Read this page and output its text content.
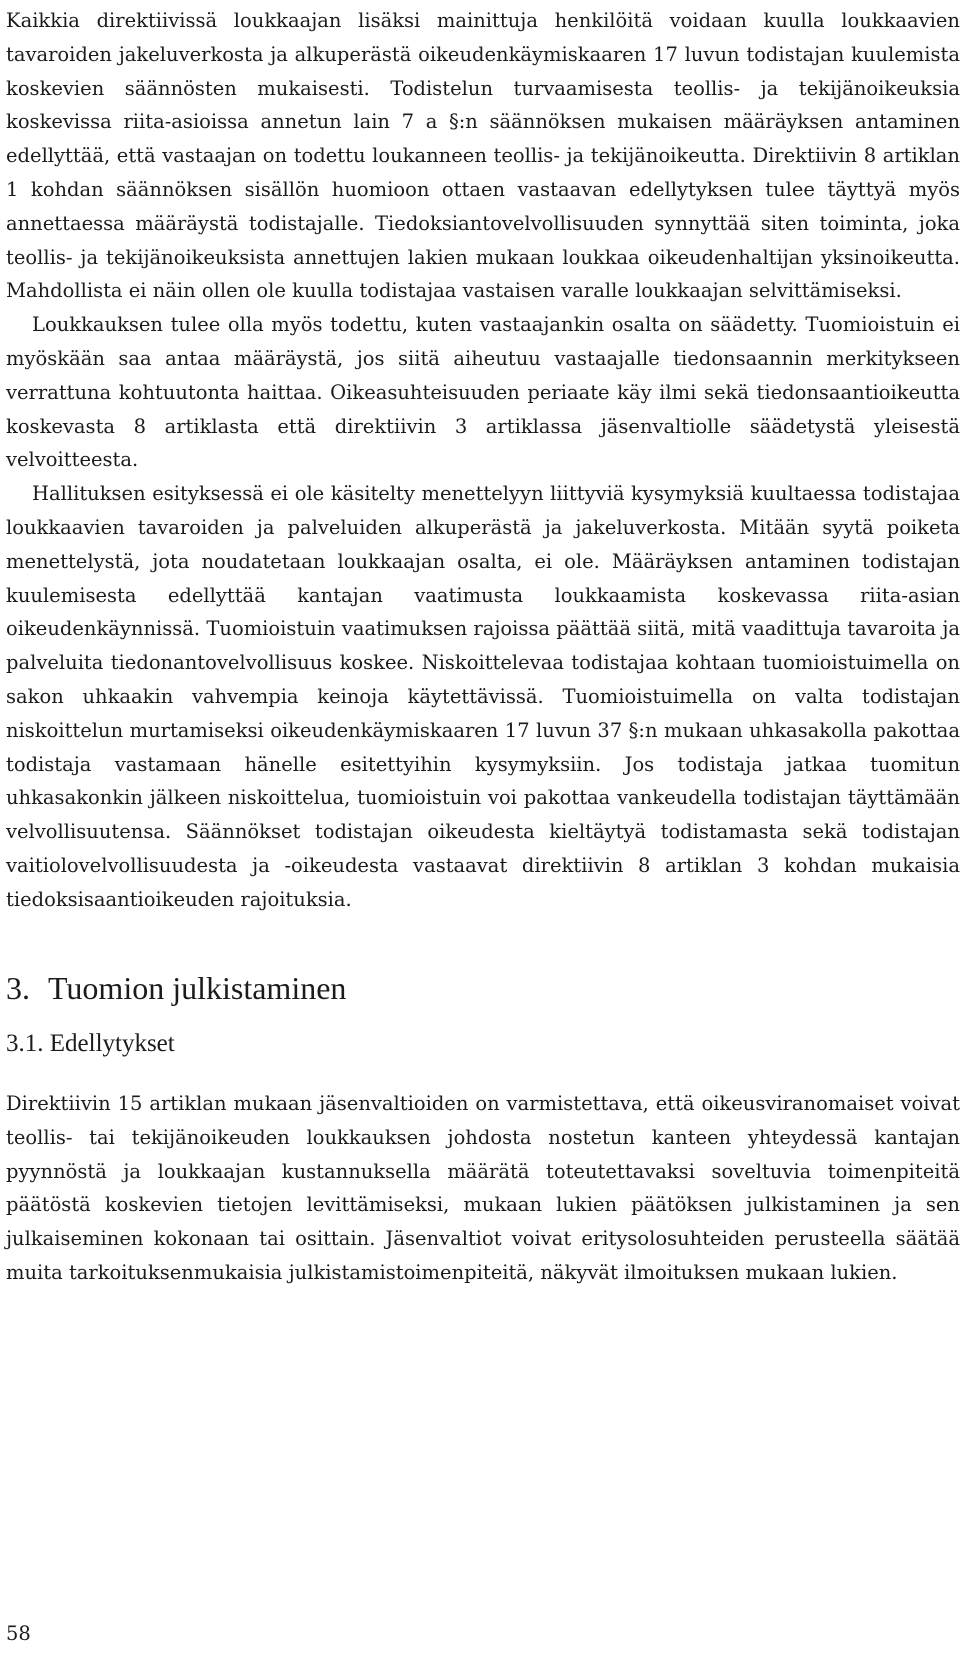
Kaikkia direktiivissä loukkaajan lisäksi mainittuja henkilöitä voidaan kuulla loukkaavien tavaroiden jakeluverkosta ja alkuperästä oikeudenkäymiskaaren 17 luvun todistajan kuulemista koskevien säännösten mukaisesti. Todistelun turvaamisesta teollis- ja tekijänoikeuksia koskevissa riita-asioissa annetun lain 7 a §:n säännöksen mukaisen määräyksen antaminen edellyttää, että vastaajan on todettu loukanneen teollis- ja tekijänoikeutta. Direktiivin 8 artiklan 1 kohdan säännöksen sisällön huomioon ottaen vastaavan edellytyksen tulee täyttyä myös annettaessa määräystä todistajalle. Tiedoksiantovelvollisuuden synnyttää siten toiminta, joka teollis- ja tekijänoikeuksista annettujen lakien mukaan loukkaa oikeudenhaltijan yksinoikeutta. Mahdollista ei näin ollen ole kuulla todistajaa vastaisen varalle loukkaajan selvittämiseksi.

Loukkauksen tulee olla myös todettu, kuten vastaajankin osalta on säädetty. Tuomioistuin ei myöskään saa antaa määräystä, jos siitä aiheutuu vastaajalle tiedonsaannin merkitykseen verrattuna kohtuutonta haittaa. Oikeasuhteisuuden periaate käy ilmi sekä tiedonsaantioikeutta koskevasta 8 artiklasta että direktiivin 3 artiklassa jäsenvaltiolle säädetystä yleisestä velvoitteesta.

Hallituksen esityksessä ei ole käsitelty menettelyyn liittyviä kysymyksiä kuultaessa todistajaa loukkaavien tavaroiden ja palveluiden alkuperästä ja jakeluverkosta. Mitään syytä poiketa menettelystä, jota noudatetaan loukkaajan osalta, ei ole. Määräyksen antaminen todistajan kuulemisesta edellyttää kantajan vaatimusta loukkaamista koskevassa riita-asian oikeudenkäynnissä. Tuomioistuin vaatimuksen rajoissa päättää siitä, mitä vaadittuja tavaroita ja palveluita tiedonantovelvollisuus koskee. Niskoittelevaa todistajaa kohtaan tuomioistuimella on sakon uhkaakin vahvempia keinoja käytettävissä. Tuomioistuimella on valta todistajan niskoittelun murtamiseksi oikeudenkäymiskaaren 17 luvun 37 §:n mukaan uhkasakolla pakottaa todistaja vastamaan hänelle esitettyihin kysymyksiin. Jos todistaja jatkaa tuomitun uhkasakonkin jälkeen niskoittelua, tuomioistuin voi pakottaa vankeudella todistajan täyttämään velvollisuutensa. Säännökset todistajan oikeudesta kieltäytyä todistamasta sekä todistajan vaitiolovelvollisuudesta ja -oikeudesta vastaavat direktiivin 8 artiklan 3 kohdan mukaisia tiedoksisaantioikeuden rajoituksia.

3. Tuomion julkistaminen
3.1. Edellytykset

Direktiivin 15 artiklan mukaan jäsenvaltioiden on varmistettava, että oikeusviranomaiset voivat teollis- tai tekijänoikeuden loukkauksen johdosta nostetun kanteen yhteydessä kantajan pyynnöstä ja loukkaajan kustannuksella määrätä toteutettavaksi soveltuvia toimenpiteitä päätöstä koskevien tietojen levittämiseksi, mukaan lukien päätöksen julkistaminen ja sen julkaiseminen kokonaan tai osittain. Jäsenvaltiot voivat eritysolosuhteiden perusteella säätää muita tarkoituksenmukaisia julkistamistoimenpiteitä, näkyvät ilmoituksen mukaan lukien.

58
